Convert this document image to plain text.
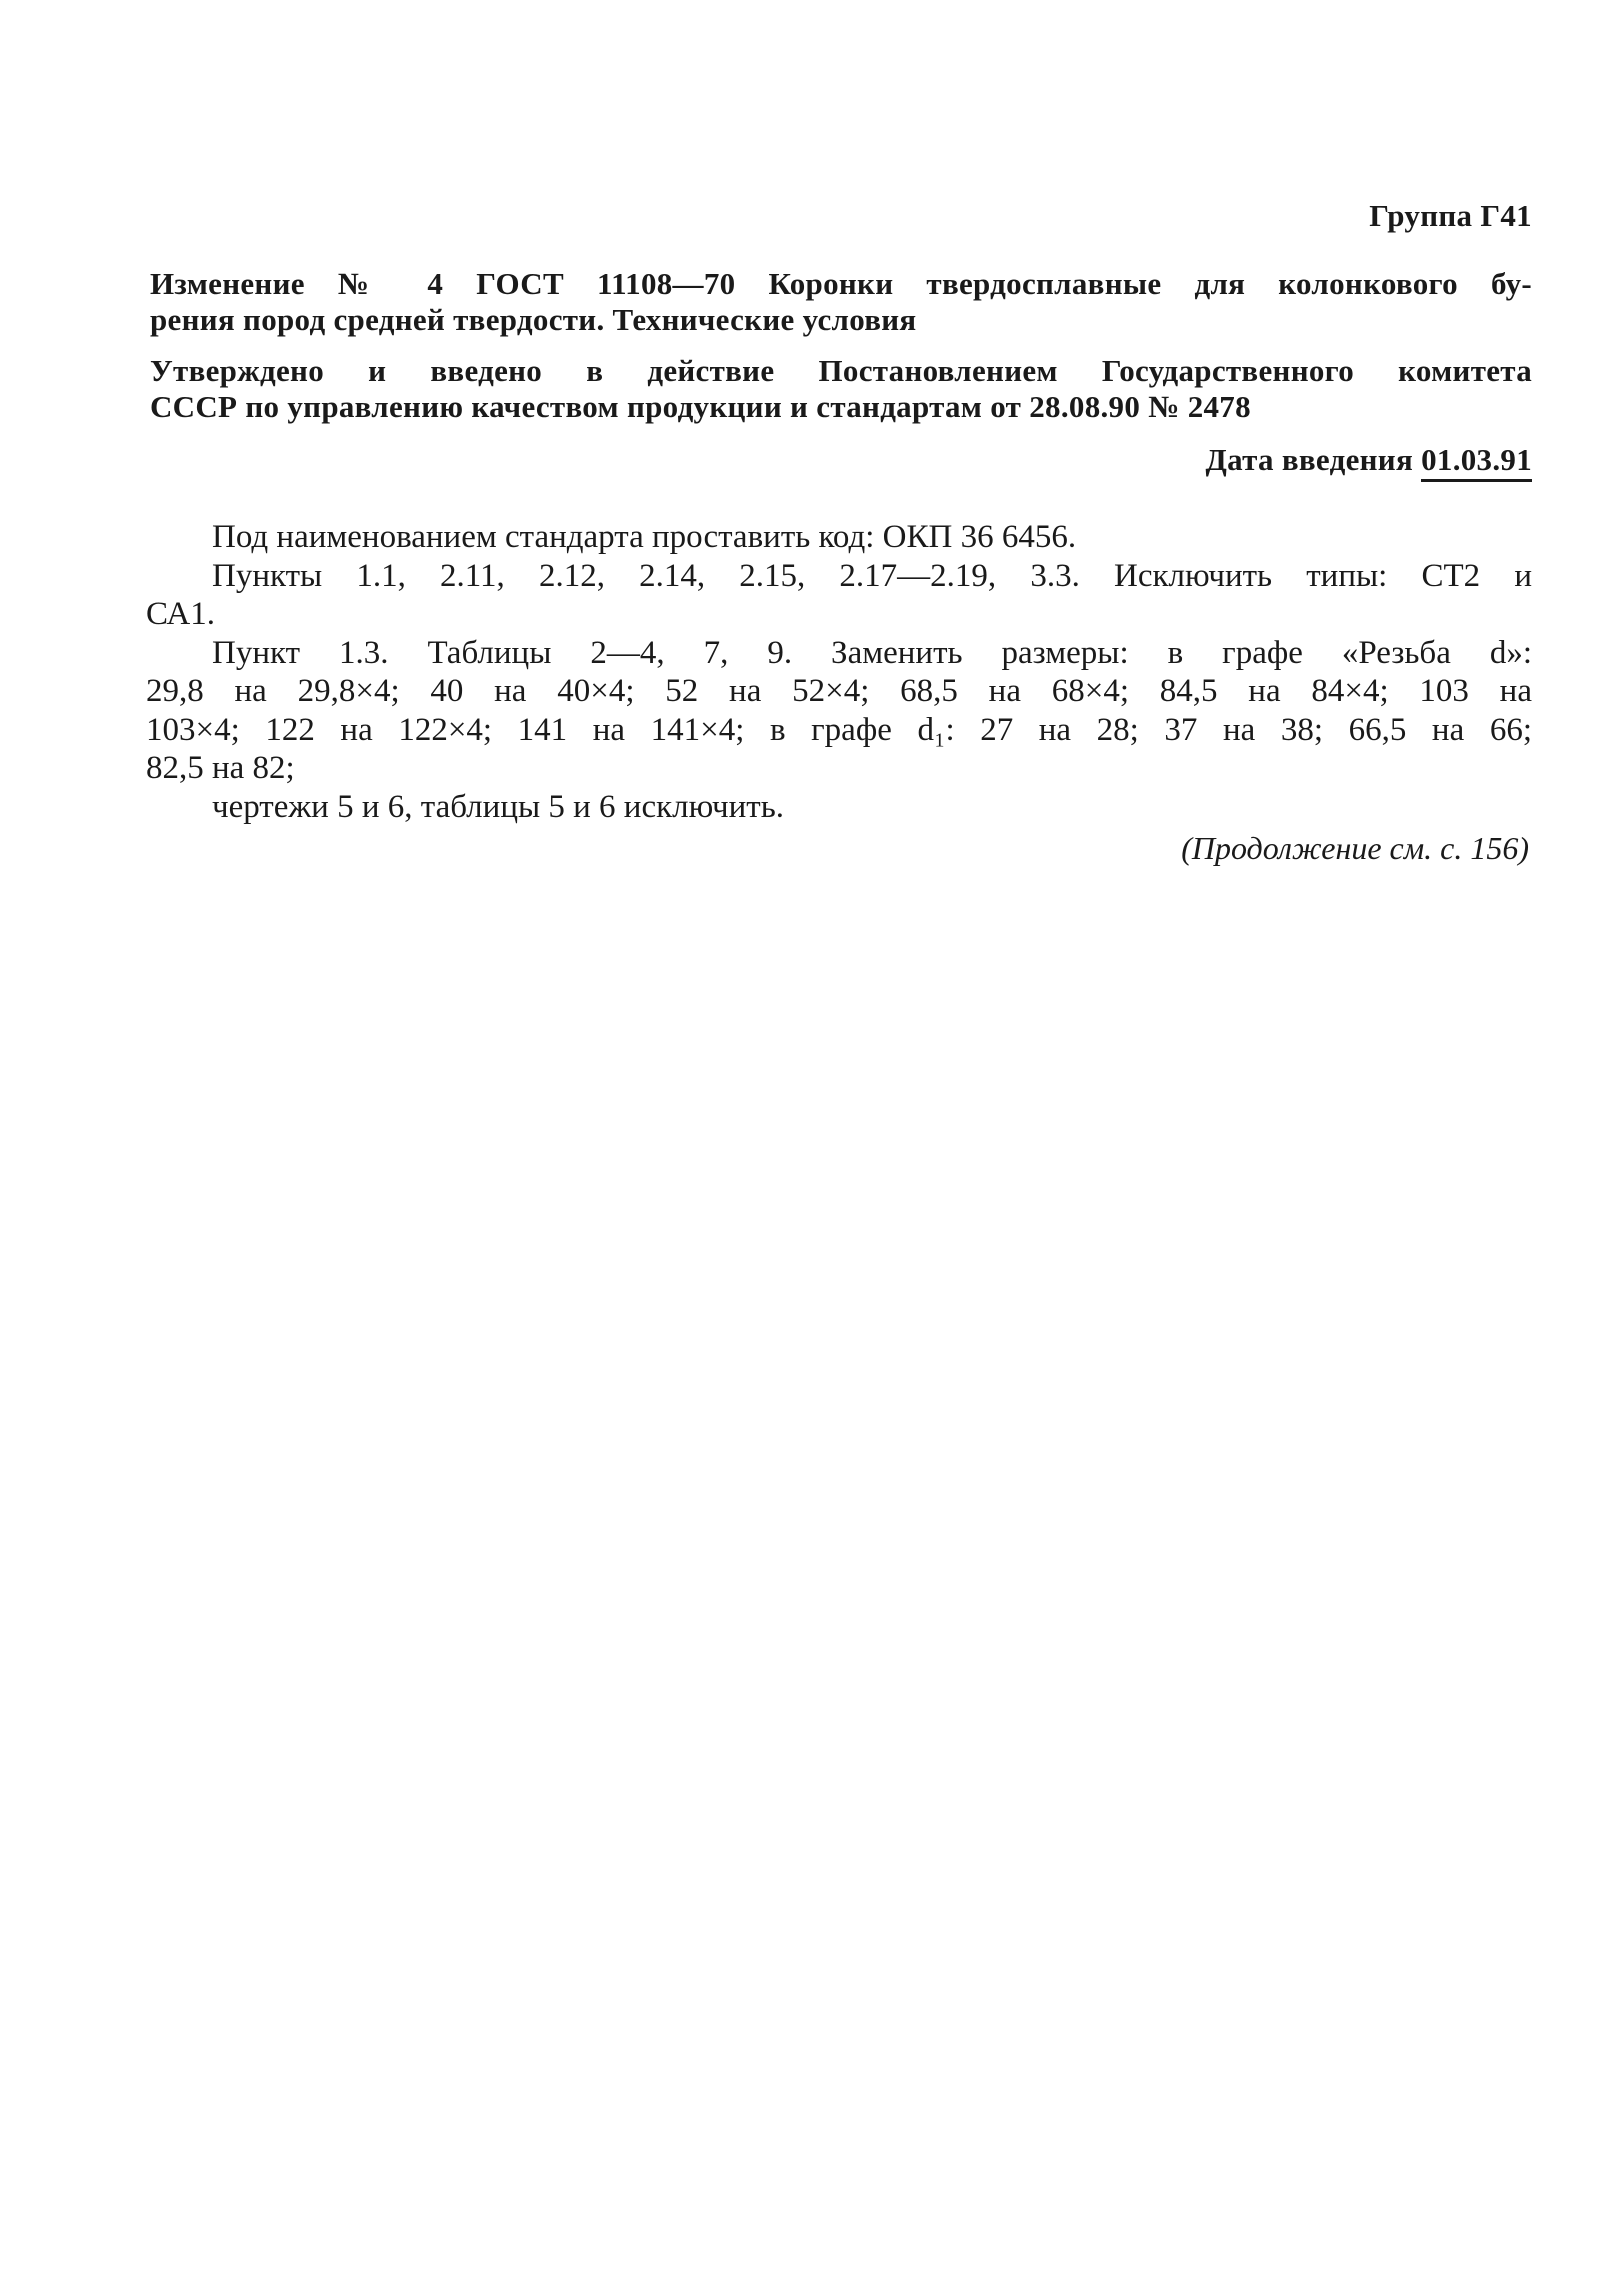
Группа Г41
Изменение № 4 ГОСТ 11108—70 Коронки твердосплавные для колонкового бу-
рения пород средней твердости. Технические условия
Утверждено и введено в действие Постановлением Государственного комитета
СССР по управлению качеством продукции и стандартам от 28.08.90 № 2478
Дата введения 01.03.91
Под наименованием стандарта проставить код: ОКП 36 6456.
Пункты 1.1, 2.11, 2.12, 2.14, 2.15, 2.17—2.19, 3.3. Исключить типы: СТ2 и
СА1.
Пункт 1.3. Таблицы 2—4, 7, 9. Заменить размеры: в графе «Резьба d»:
29,8 на 29,8×4; 40 на 40×4; 52 на 52×4; 68,5 на 68×4; 84,5 на 84×4; 103 на
103×4; 122 на 122×4; 141 на 141×4; в графе d₁: 27 на 28; 37 на 38; 66,5 на 66;
82,5 на 82;
чертежи 5 и 6, таблицы 5 и 6 исключить.
(Продолжение см. с. 156)
